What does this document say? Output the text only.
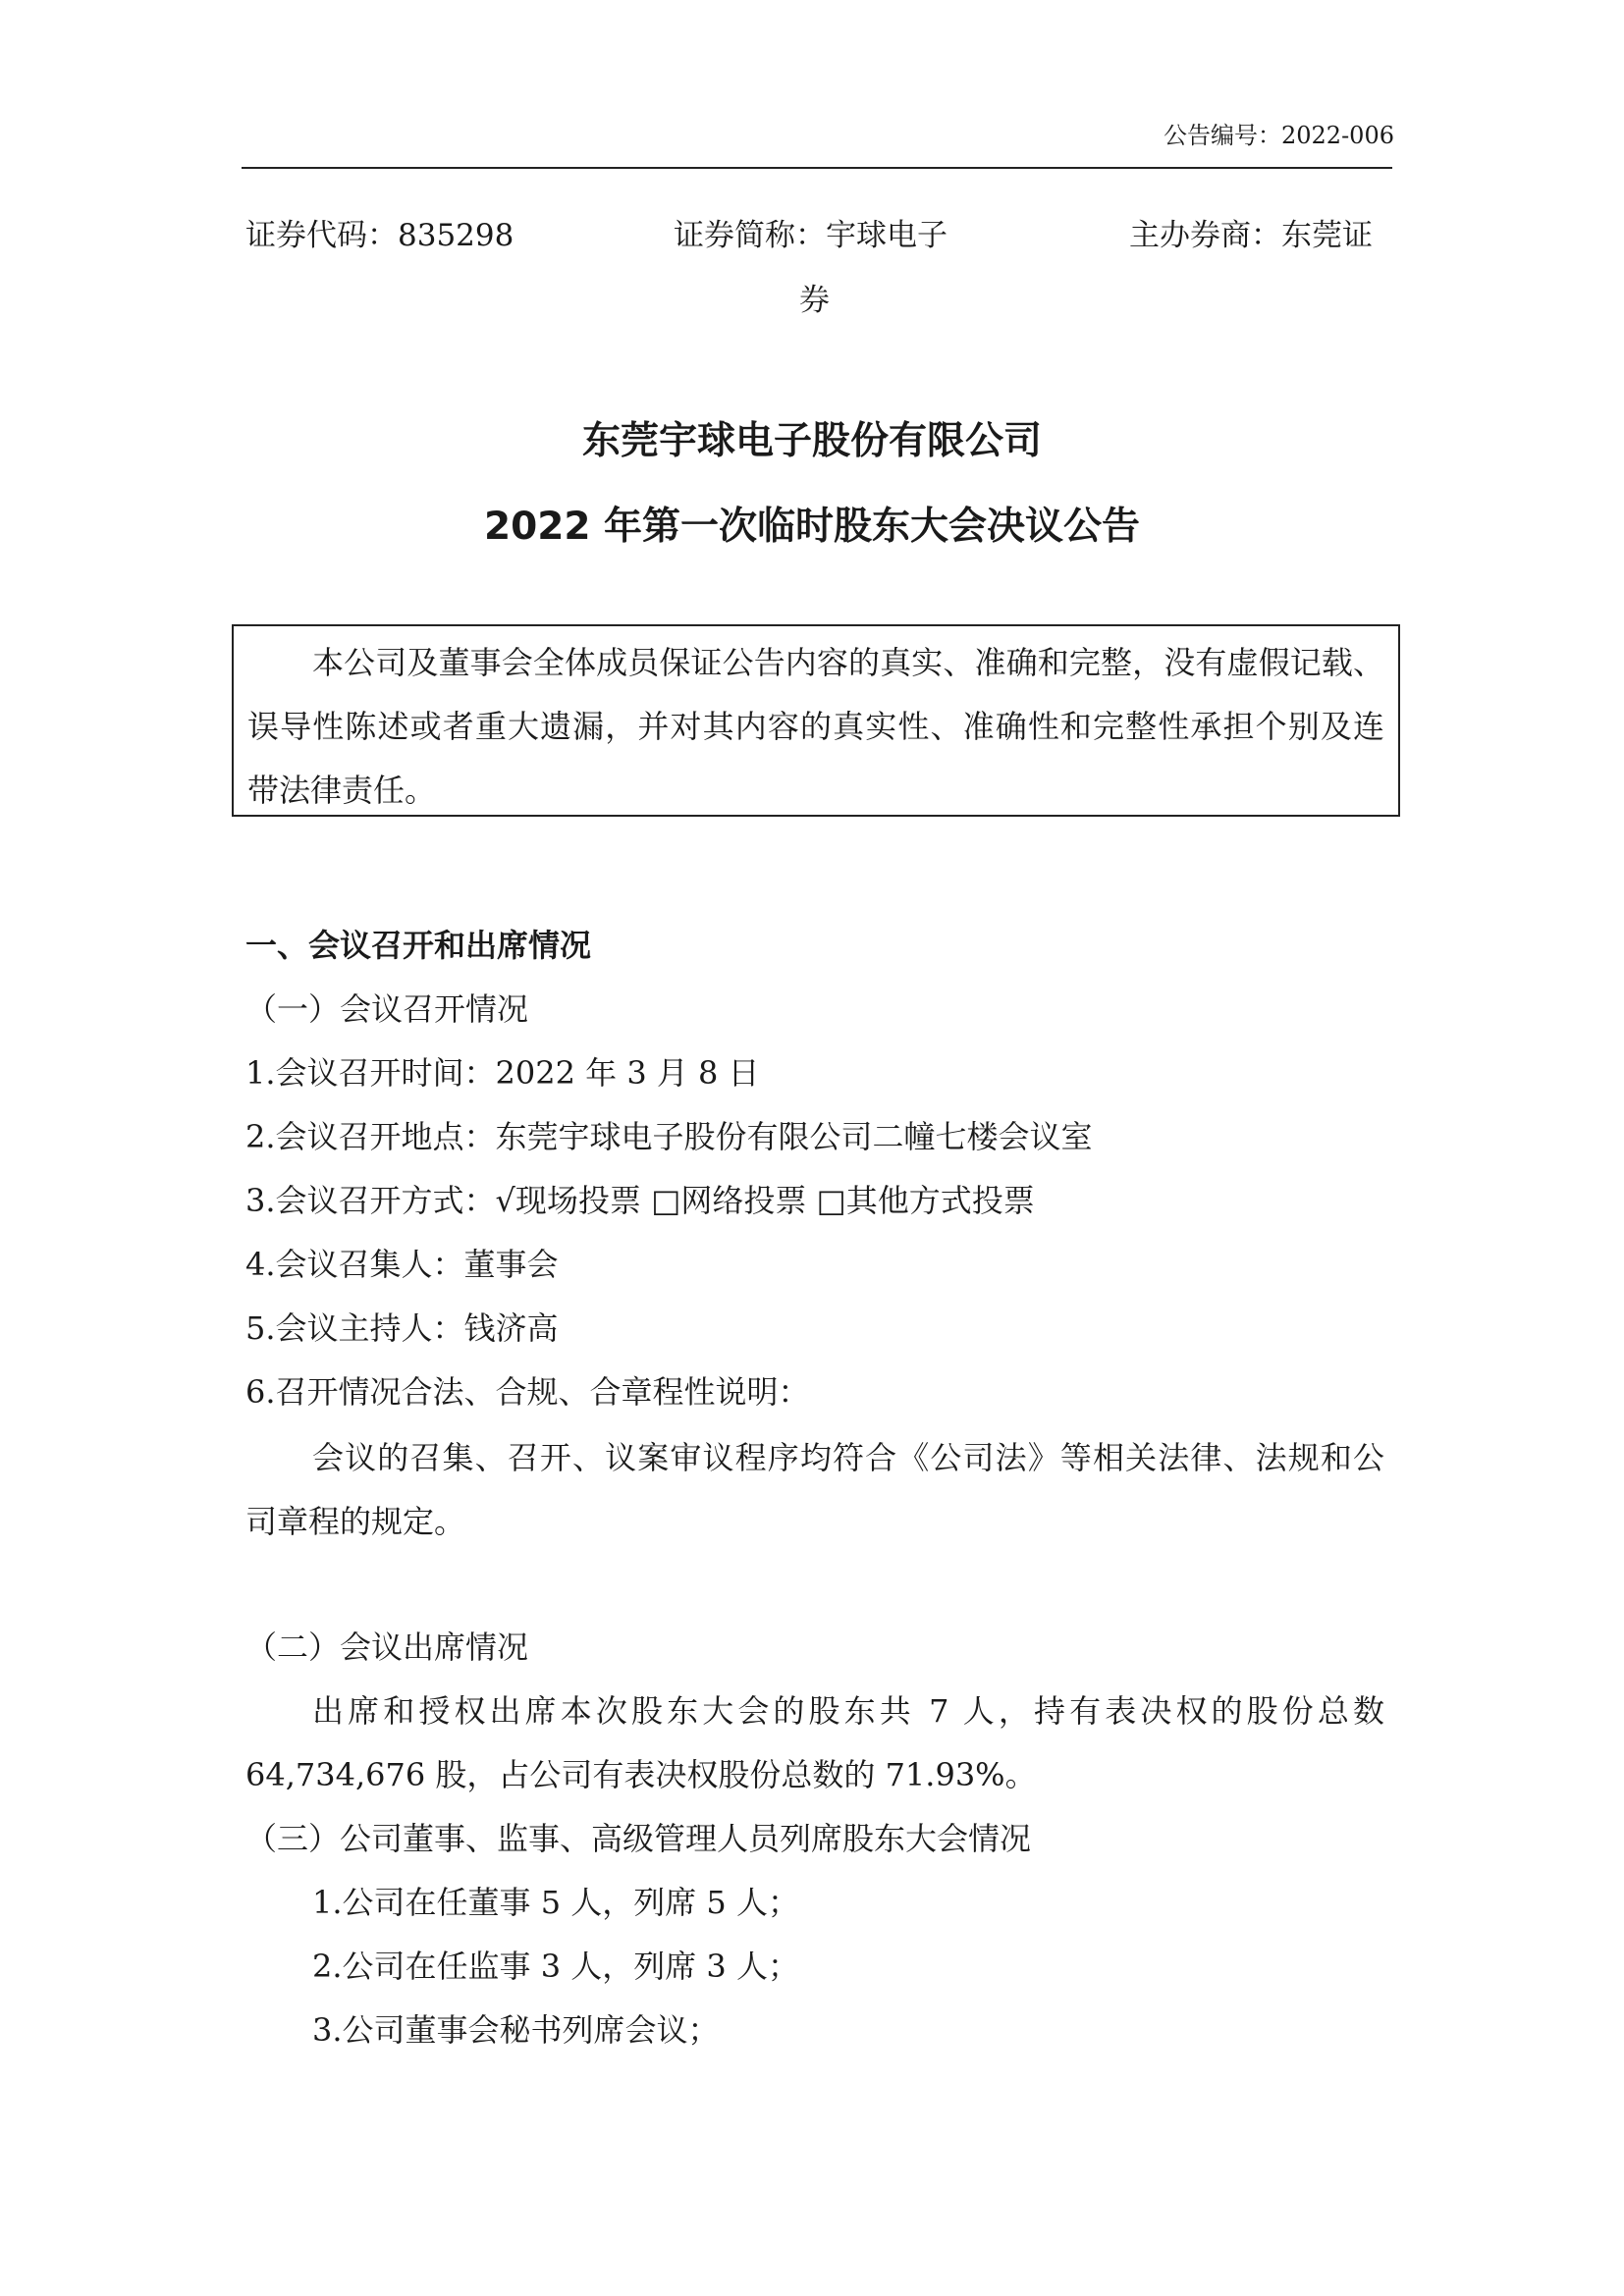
公告编号：2022-006
证券代码：835298	证券简称：宇球电子	主办券商：东莞证
券
东莞宇球电子股份有限公司
2022 年第一次临时股东大会决议公告
本公司及董事会全体成员保证公告内容的真实、准确和完整，没有虚假记载、
误导性陈述或者重大遗漏，并对其内容的真实性、准确性和完整性承担个别及连
带法律责任。
一、会议召开和出席情况
（一）会议召开情况
1.会议召开时间：2022 年 3 月 8 日
2.会议召开地点：东莞宇球电子股份有限公司二幢七楼会议室
3.会议召开方式：√现场投票 □网络投票 □其他方式投票
4.会议召集人：董事会
5.会议主持人：钱济高
6.召开情况合法、合规、合章程性说明：
会议的召集、召开、议案审议程序均符合《公司法》等相关法律、法规和公
司章程的规定。
（二）会议出席情况
出席和授权出席本次股东大会的股东共 7 人，持有表决权的股份总数
64,734,676 股，占公司有表决权股份总数的 71.93%。
（三）公司董事、监事、高级管理人员列席股东大会情况
1.公司在任董事 5 人，列席 5 人；
2.公司在任监事 3 人，列席 3 人；
3.公司董事会秘书列席会议；
